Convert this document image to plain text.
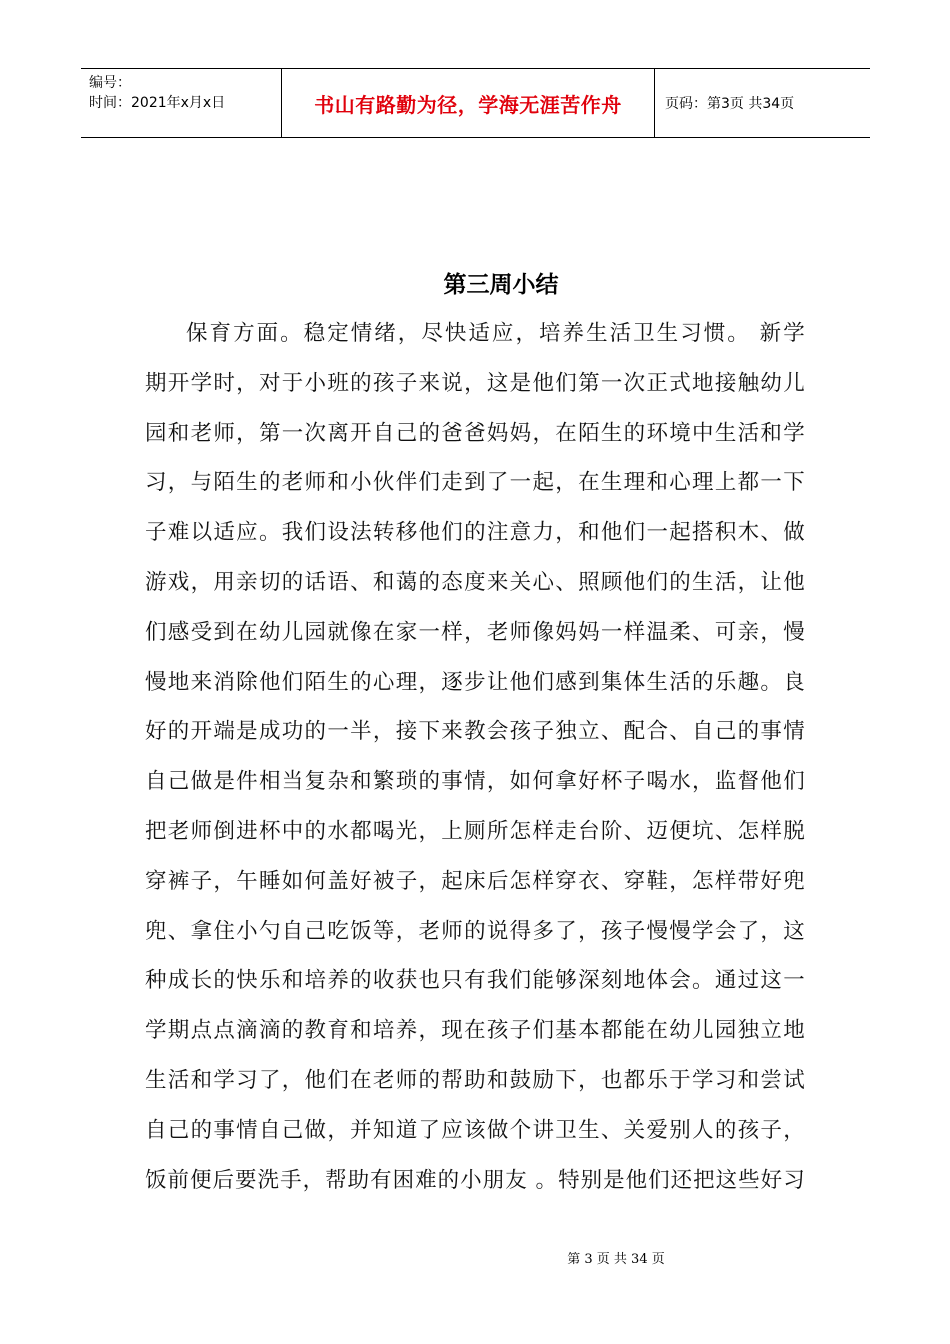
编号：
时间：2021年x月x日	书山有路勤为径，学海无涯苦作舟	页码：第3页 共34页
第三周小结
保育方面。稳定情绪，尽快适应，培养生活卫生习惯。 新学
期开学时，对于小班的孩子来说，这是他们第一次正式地接触幼儿
园和老师，第一次离开自己的爸爸妈妈，在陌生的环境中生活和学
习，与陌生的老师和小伙伴们走到了一起，在生理和心理上都一下
子难以适应。我们设法转移他们的注意力，和他们一起搭积木、做
游戏，用亲切的话语、和蔼的态度来关心、照顾他们的生活，让他
们感受到在幼儿园就像在家一样，老师像妈妈一样温柔、可亲，慢
慢地来消除他们陌生的心理，逐步让他们感到集体生活的乐趣。良
好的开端是成功的一半，接下来教会孩子独立、配合、自己的事情
自己做是件相当复杂和繁琐的事情，如何拿好杯子喝水，监督他们
把老师倒进杯中的水都喝光，上厕所怎样走台阶、迈便坑、怎样脱
穿裤子，午睡如何盖好被子，起床后怎样穿衣、穿鞋，怎样带好兜
兜、拿住小勺自己吃饭等，老师的说得多了，孩子慢慢学会了，这
种成长的快乐和培养的收获也只有我们能够深刻地体会。通过这一
学期点点滴滴的教育和培养，现在孩子们基本都能在幼儿园独立地
生活和学习了，他们在老师的帮助和鼓励下，也都乐于学习和尝试
自己的事情自己做，并知道了应该做个讲卫生、关爱别人的孩子，
饭前便后要洗手，帮助有困难的小朋友 。特别是他们还把这些好习
第 3 页 共 34 页
